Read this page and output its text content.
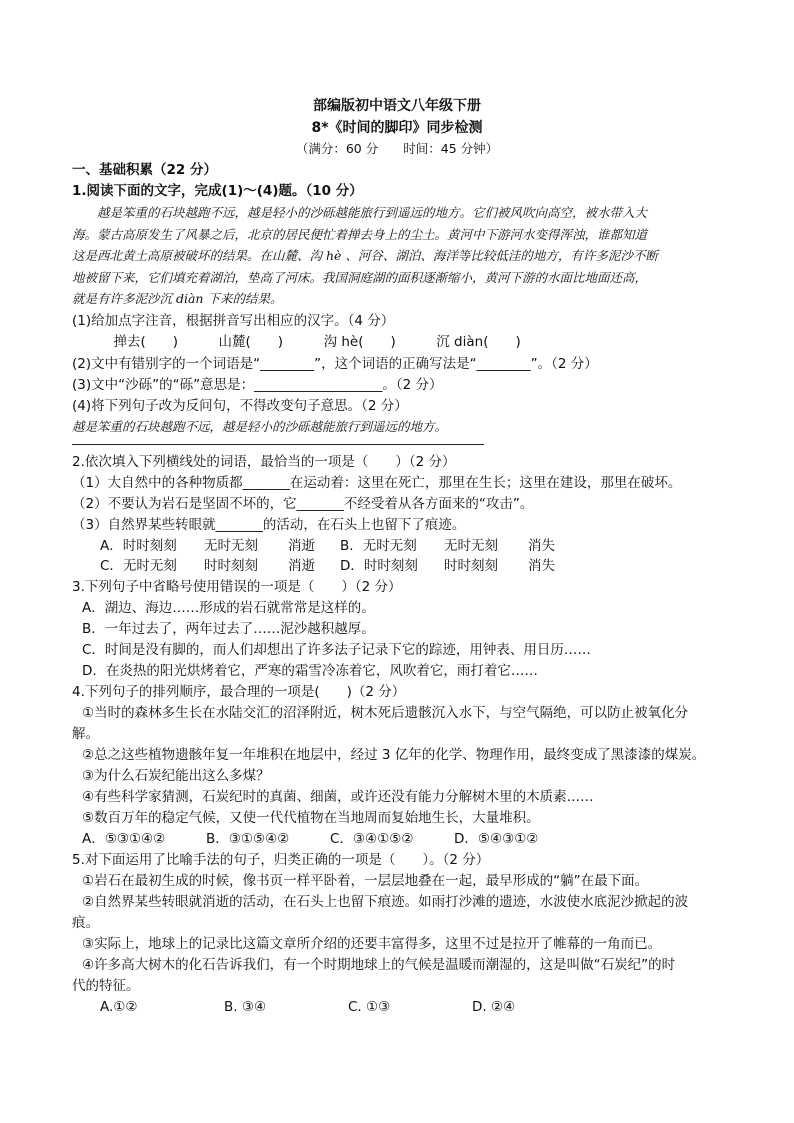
部编版初中语文八年级下册
8*《时间的脚印》同步检测
（满分：60 分　　时间：45 分钟）
一、基础积累（22 分）
1.阅读下面的文字，完成(1)～(4)题。（10 分）
　　越是笨重的石块越跑不远，越是轻小的沙砾越能旅行到遥远的地方。它们被风吹向高空，被水带入大
海。蒙古高原发生了风暴之后，北京的居民便忙着掸去身上的尘土。黄河中下游河水变得浑浊，谁都知道
这是西北黄土高原被破坏的结果。在山麓、沟 hè 、河谷、湖泊、海洋等比较低洼的地方，有许多泥沙不断
地被留下来，它们填充着湖泊，垫高了河床。我国洞庭湖的面积逐渐缩小，黄河下游的水面比地面还高，
就是有许多泥沙沉 diàn 下来的结果。
(1)给加点字注音，根据拼音写出相应的汉字。（4 分）
　掸去(　　)　　　山麓(　　)　　　沟 hè(　　)　　　沉 diàn(　　)
(2)文中有错别字的一个词语是“________”，这个词语的正确写法是“________”。（2 分）
(3)文中“沙砾”的“砾”意思是：___________________。（2 分）
(4)将下列句子改为反问句，不得改变句子意思。（2 分）
越是笨重的石块越跑不远，越是轻小的沙砾越能旅行到遥远的地方。
2.依次填入下列横线处的词语，最恰当的一项是（　　）（2 分）
（1）大自然中的各种物质都_______在运动着：这里在死亡，那里在生长；这里在建设，那里在破坏。
（2）不要认为岩石是坚固不坏的，它_______不经受着从各方面来的“攻击”。
（3）自然界某些转眼就_______的活动，在石头上也留下了痕迹。
A．时时刻刻 无时无刻 消逝 B．无时无刻 无时无刻 消失
C．无时无刻 时时刻刻 消逝 D．时时刻刻 时时刻刻 消失
3.下列句子中省略号使用错误的一项是（　　）（2 分）
A．湖边、海边……形成的岩石就常常是这样的。
B．一年过去了，两年过去了……泥沙越积越厚。
C．时间是没有脚的，而人们却想出了许多法子记录下它的踪迹，用钟表、用日历……
D．在炎热的阳光烘烤着它，严寒的霜雪冷冻着它，风吹着它，雨打着它……
4.下列句子的排列顺序，最合理的一项是(　　)（2 分）
①当时的森林多生长在水陆交汇的沼泽附近，树木死后遗骸沉入水下，与空气隔绝，可以防止被氧化分
解。
②总之这些植物遗骸年复一年堆积在地层中，经过 3 亿年的化学、物理作用，最终变成了黑漆漆的煤炭。
③为什么石炭纪能出这么多煤？
④有些科学家猜测，石炭纪时的真菌、细菌，或许还没有能力分解树木里的木质素……
⑤数百万年的稳定气候，又使一代代植物在当地周而复始地生长，大量堆积。
A．⑤③①④②	B．③①⑤④②	C．③④①⑤②	D．⑤④③①②
5.对下面运用了比喻手法的句子，归类正确的一项是（　　）。（2 分）
①岩石在最初生成的时候，像书页一样平卧着，一层层地叠在一起，最早形成的“躺”在最下面。
②自然界某些转眼就消逝的活动，在石头上也留下痕迹。如雨打沙滩的遗迹，水波使水底泥沙掀起的波
痕。
③实际上，地球上的记录比这篇文章所介绍的还要丰富得多，这里不过是拉开了帷幕的一角而已。
④许多高大树木的化石告诉我们，有一个时期地球上的气候是温暖而潮湿的，这是叫做“石炭纪”的时
代的特征。
A.①②	B. ③④	C. ①③	D. ②④
